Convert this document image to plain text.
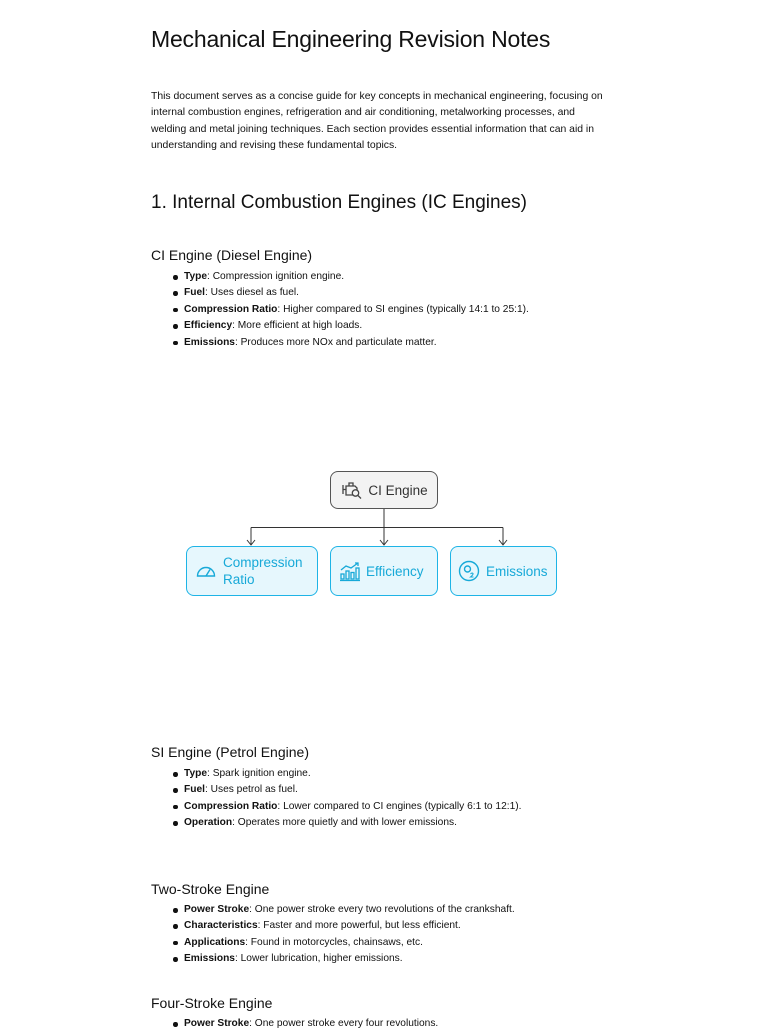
Mechanical Engineering Revision Notes

This document serves as a concise guide for key concepts in mechanical engineering, focusing on internal combustion engines, refrigeration and air conditioning, metalworking processes, and welding and metal joining techniques. Each section provides essential information that can aid in understanding and revising these fundamental topics.

1. Internal Combustion Engines (IC Engines)
CI Engine (Diesel Engine)
Type: Compression ignition engine.
Fuel: Uses diesel as fuel.
Compression Ratio: Higher compared to SI engines (typically 14:1 to 25:1).
Efficiency: More efficient at high loads.
Emissions: Produces more NOx and particulate matter.
SI Engine (Petrol Engine)
Type: Spark ignition engine.
Fuel: Uses petrol as fuel.
Compression Ratio: Lower compared to CI engines (typically 6:1 to 12:1).
Operation: Operates more quietly and with lower emissions.
Two-Stroke Engine
Power Stroke: One power stroke every two revolutions of the crankshaft.
Characteristics: Faster and more powerful, but less efficient.
Applications: Found in motorcycles, chainsaws, etc.
Emissions: Lower lubrication, higher emissions.
Four-Stroke Engine
Power Stroke: One power stroke every four revolutions.
CI Engine
Compression Ratio
Efficiency	Emissions
